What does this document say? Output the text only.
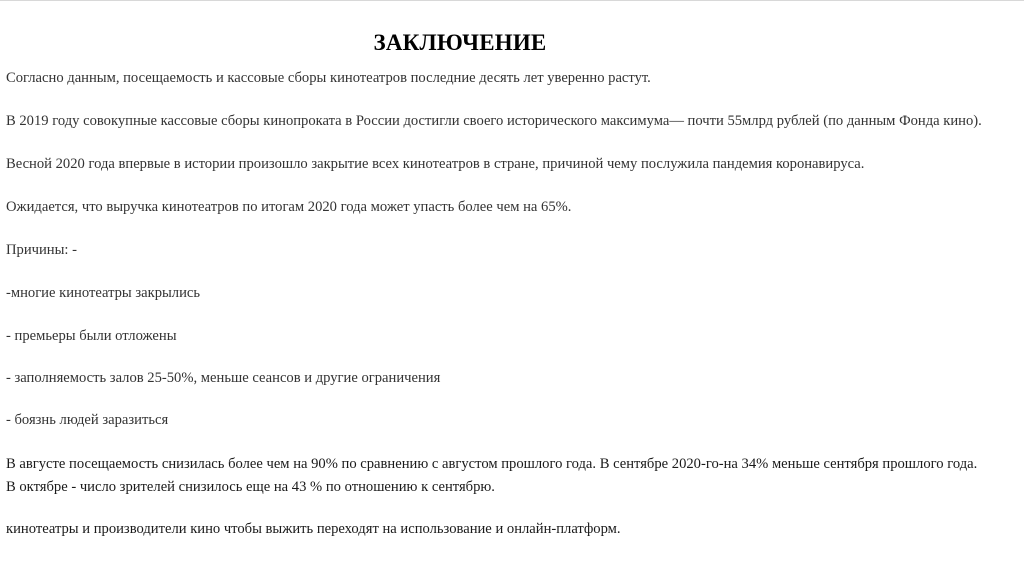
ЗАКЛЮЧЕНИЕ

Согласно данным, посещаемость и кассовые сборы кинотеатров последние десять лет уверенно растут.

В 2019 году совокупные кассовые сборы кинопроката в России достигли своего исторического максимума— почти 55млрд рублей (по данным Фонда кино).

Весной 2020 года впервые в истории произошло закрытие всех кинотеатров в стране, причиной чему послужила пандемия коронавируса.

Ожидается, что выручка кинотеатров по итогам 2020 года может упасть более чем на 65%.

Причины: -

-многие кинотеатры закрылись

- премьеры были отложены

- заполняемость залов 25-50%, меньше сеансов и другие ограничения

- боязнь людей заразиться

В августе посещаемость снизилась более чем на 90% по сравнению с августом прошлого года. В сентябре 2020-го-на 34% меньше сентября прошлого года.

В октябре - число зрителей снизилось еще на 43 % по отношению к сентябрю.

кинотеатры и производители кино чтобы выжить переходят на использование и онлайн-платформ.
